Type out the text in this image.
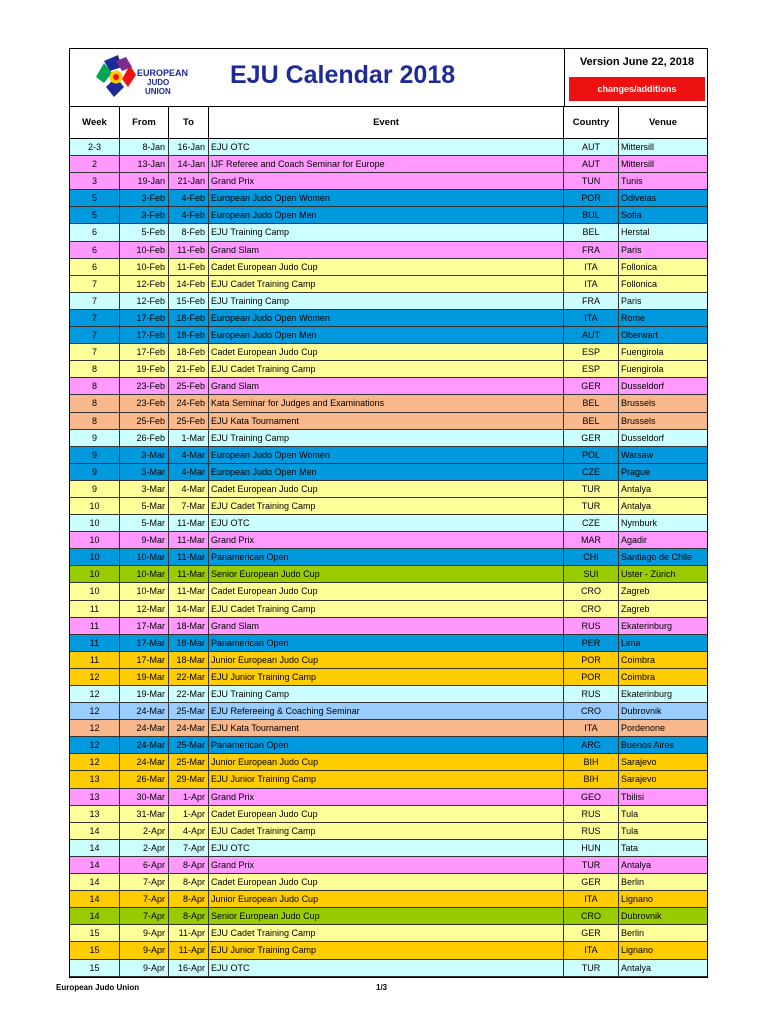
EUROPEAN
JUDO
UNION
EJU Calendar 2018	Version June 22, 2018
changes/additions
Week	From	To	Event	Country	Venue
2-3	8-Jan	16-Jan EJU OTC	AUT	Mittersill
2	13-Jan	14-Jan IJF Referee and Coach Seminar for Europe	AUT	Mittersill
3	19-Jan	21-Jan Grand Prix	TUN	Tunis
5	3-Feb	4-Feb European Judo Open Women	POR	Odivelas
5	3-Feb	4-Feb European Judo Open Men	BUL	Sofia
6	5-Feb	8-Feb EJU Training Camp	BEL	Herstal
6	10-Feb	11-Feb Grand Slam	FRA	Paris
6	10-Feb	11-Feb Cadet European Judo Cup	ITA	Follonica
7	12-Feb	14-Feb EJU Cadet Training Camp	ITA	Follonica
7	12-Feb	15-Feb EJU Training Camp	FRA	Paris
7	17-Feb	18-Feb European Judo Open Women	ITA	Rome
7	17-Feb	18-Feb European Judo Open Men	AUT	Oberwart
7	17-Feb	18-Feb Cadet European Judo Cup	ESP	Fuengirola
8	19-Feb	21-Feb EJU Cadet Training Camp	ESP	Fuengirola
8	23-Feb	25-Feb Grand Slam	GER	Dusseldorf
8	23-Feb	24-Feb Kata Seminar for Judges and Examinations	BEL	Brussels
8	25-Feb	25-Feb EJU Kata Tournament	BEL	Brussels
9	26-Feb	1-Mar EJU Training Camp	GER	Dusseldorf
9	3-Mar	4-Mar European Judo Open Women	POL	Warsaw
9	3-Mar	4-Mar European Judo Open Men	CZE	Prague
9	3-Mar	4-Mar Cadet European Judo Cup	TUR	Antalya
10	5-Mar	7-Mar EJU Cadet Training Camp	TUR	Antalya
10	5-Mar	11-Mar EJU OTC	CZE	Nymburk
10	9-Mar	11-Mar Grand Prix	MAR	Agadir
10	10-Mar	11-Mar Panamerican Open	CHI	Santiago de Chile
10	10-Mar	11-Mar Senior European Judo Cup	SUI	Uster - Zürich
10	10-Mar	11-Mar Cadet European Judo Cup	CRO	Zagreb
11	12-Mar	14-Mar EJU Cadet Training Camp	CRO	Zagreb
11	17-Mar	18-Mar Grand Slam	RUS	Ekaterinburg
11	17-Mar	18-Mar Panamerican Open	PER	Lima
11	17-Mar	18-Mar Junior European Judo Cup	POR	Coimbra
12	19-Mar	22-Mar EJU Junior Training Camp	POR	Coimbra
12	19-Mar	22-Mar EJU Training Camp	RUS	Ekaterinburg
12	24-Mar	25-Mar EJU Refereeing & Coaching Seminar	CRO	Dubrovnik
12	24-Mar	24-Mar EJU Kata Tournament	ITA	Pordenone
12	24-Mar	25-Mar Panamerican Open	ARG	Buenos Aires
12	24-Mar	25-Mar Junior European Judo Cup	BIH	Sarajevo
13	26-Mar	29-Mar EJU Junior Training Camp	BIH	Sarajevo
13	30-Mar	1-Apr Grand Prix	GEO	Tbilisi
13	31-Mar	1-Apr Cadet European Judo Cup	RUS	Tula
14	2-Apr	4-Apr EJU Cadet Training Camp	RUS	Tula
14	2-Apr	7-Apr EJU OTC	HUN	Tata
14	6-Apr	8-Apr Grand Prix	TUR	Antalya
14	7-Apr	8-Apr Cadet European Judo Cup	GER	Berlin
14	7-Apr	8-Apr Junior European Judo Cup	ITA	Lignano
14	7-Apr	8-Apr Senior European Judo Cup	CRO	Dubrovnik
15	9-Apr	11-Apr EJU Cadet Training Camp	GER	Berlin
15	9-Apr	11-Apr EJU Junior Training Camp	ITA	Lignano
15	9-Apr	16-Apr EJU OTC	TUR	Antalya
European Judo Union	1/3
